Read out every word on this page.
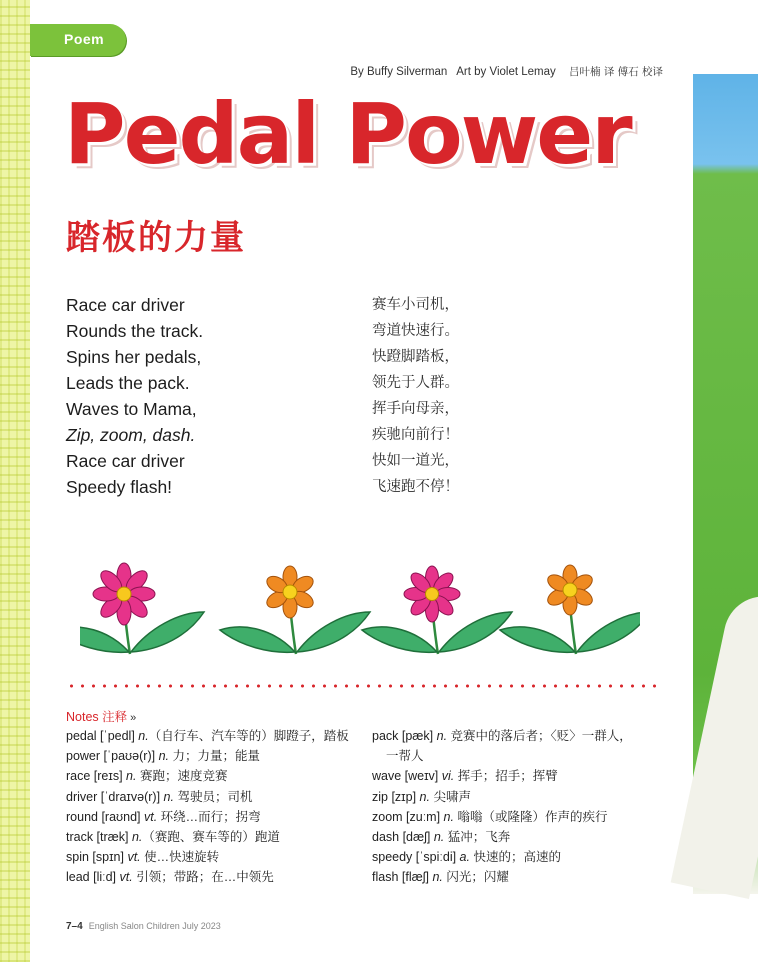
Poem
By Buffy Silverman Art by Violet Lemay 吕叶楠 译 傅石 校译
Pedal Power
踏板的力量
Race car driver
Rounds the track.
Spins her pedals,
Leads the pack.
Waves to Mama,
Zip, zoom, dash.
Race car driver
Speedy flash!
赛车小司机，
弯道快速行。
快蹬脚踏板，
领先于人群。
挥手向母亲，
疾驰向前行！
快如一道光，
飞速跑不停！
Notes 注释 »
pedal [ˈpedl] n.（自行车、汽车等的）脚蹬子，踏板
power [ˈpaʊə(r)] n. 力；力量；能量
race [reɪs] n. 赛跑；速度竞赛
driver [ˈdraɪvə(r)] n. 驾驶员；司机
round [raʊnd] vt. 环绕…而行；拐弯
track [træk] n.（赛跑、赛车等的）跑道
spin [spɪn] vt. 使…快速旋转
lead [liːd] vt. 引领；带路；在…中领先
pack [pæk] n. 竞赛中的落后者；〈贬〉一群人，
一帮人
wave [weɪv] vi. 挥手；招手；挥臂
zip [zɪp] n. 尖啸声
zoom [zuːm] n. 嗡嗡（或隆隆）作声的疾行
dash [dæʃ] n. 猛冲；飞奔
speedy [ˈspiːdi] a. 快速的；高速的
flash [flæʃ] n. 闪光；闪耀
7–4 English Salon Children July 2023
